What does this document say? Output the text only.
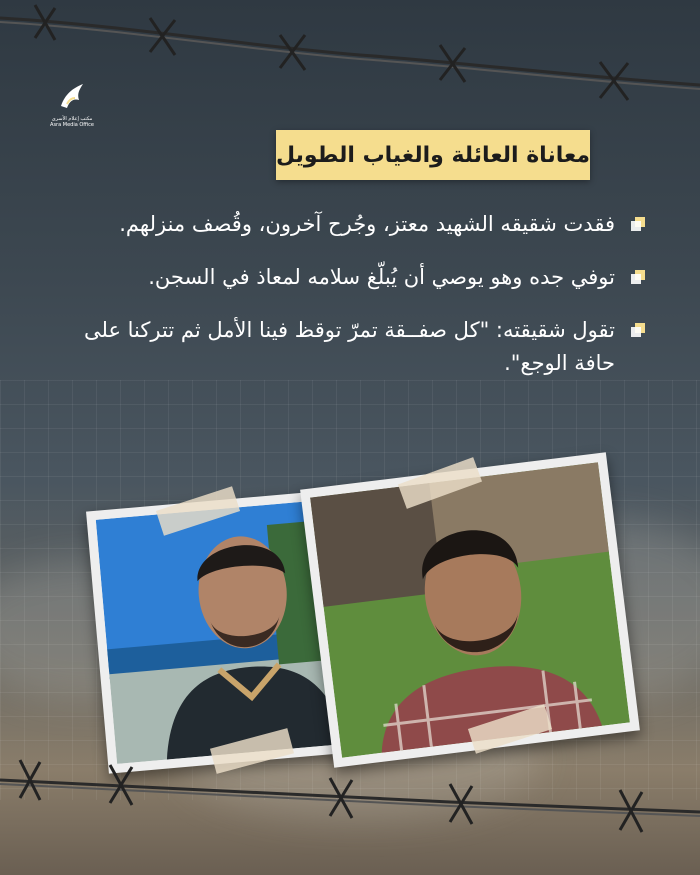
مكتب إعلام الأسرى
Asra Media Office
معاناة العائلة والغياب الطويل
فقدت شقيقه الشهيد معتز، وجُرح آخرون، وقُصف منزلهم.
توفي جده وهو يوصي أن يُبلّغ سلامه لمعاذ في السجن.
تقول شقيقته: "كل صفــقة تمرّ توقظ فينا الأمل ثم تتركنا على حافة الوجع".
